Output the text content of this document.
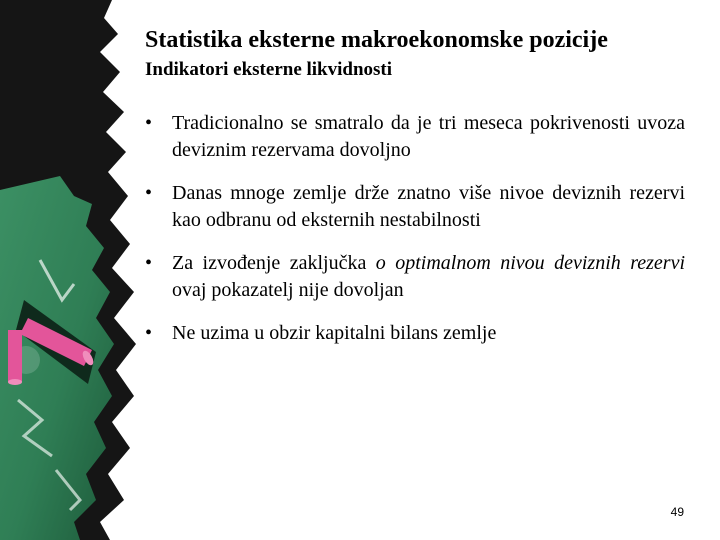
Statistika eksterne makroekonomske pozicije
Indikatori eksterne likvidnosti
• Tradicionalno se smatralo da je tri meseca pokrivenosti uvoza deviznim rezervama dovoljno
• Danas mnoge zemlje drže znatno više nivoe deviznih rezervi kao odbranu od eksternih nestabilnosti
• Za izvođenje zaključka o optimalnom nivou deviznih rezervi ovaj pokazatelj nije dovoljan
• Ne uzima u obzir kapitalni bilans zemlje
49
